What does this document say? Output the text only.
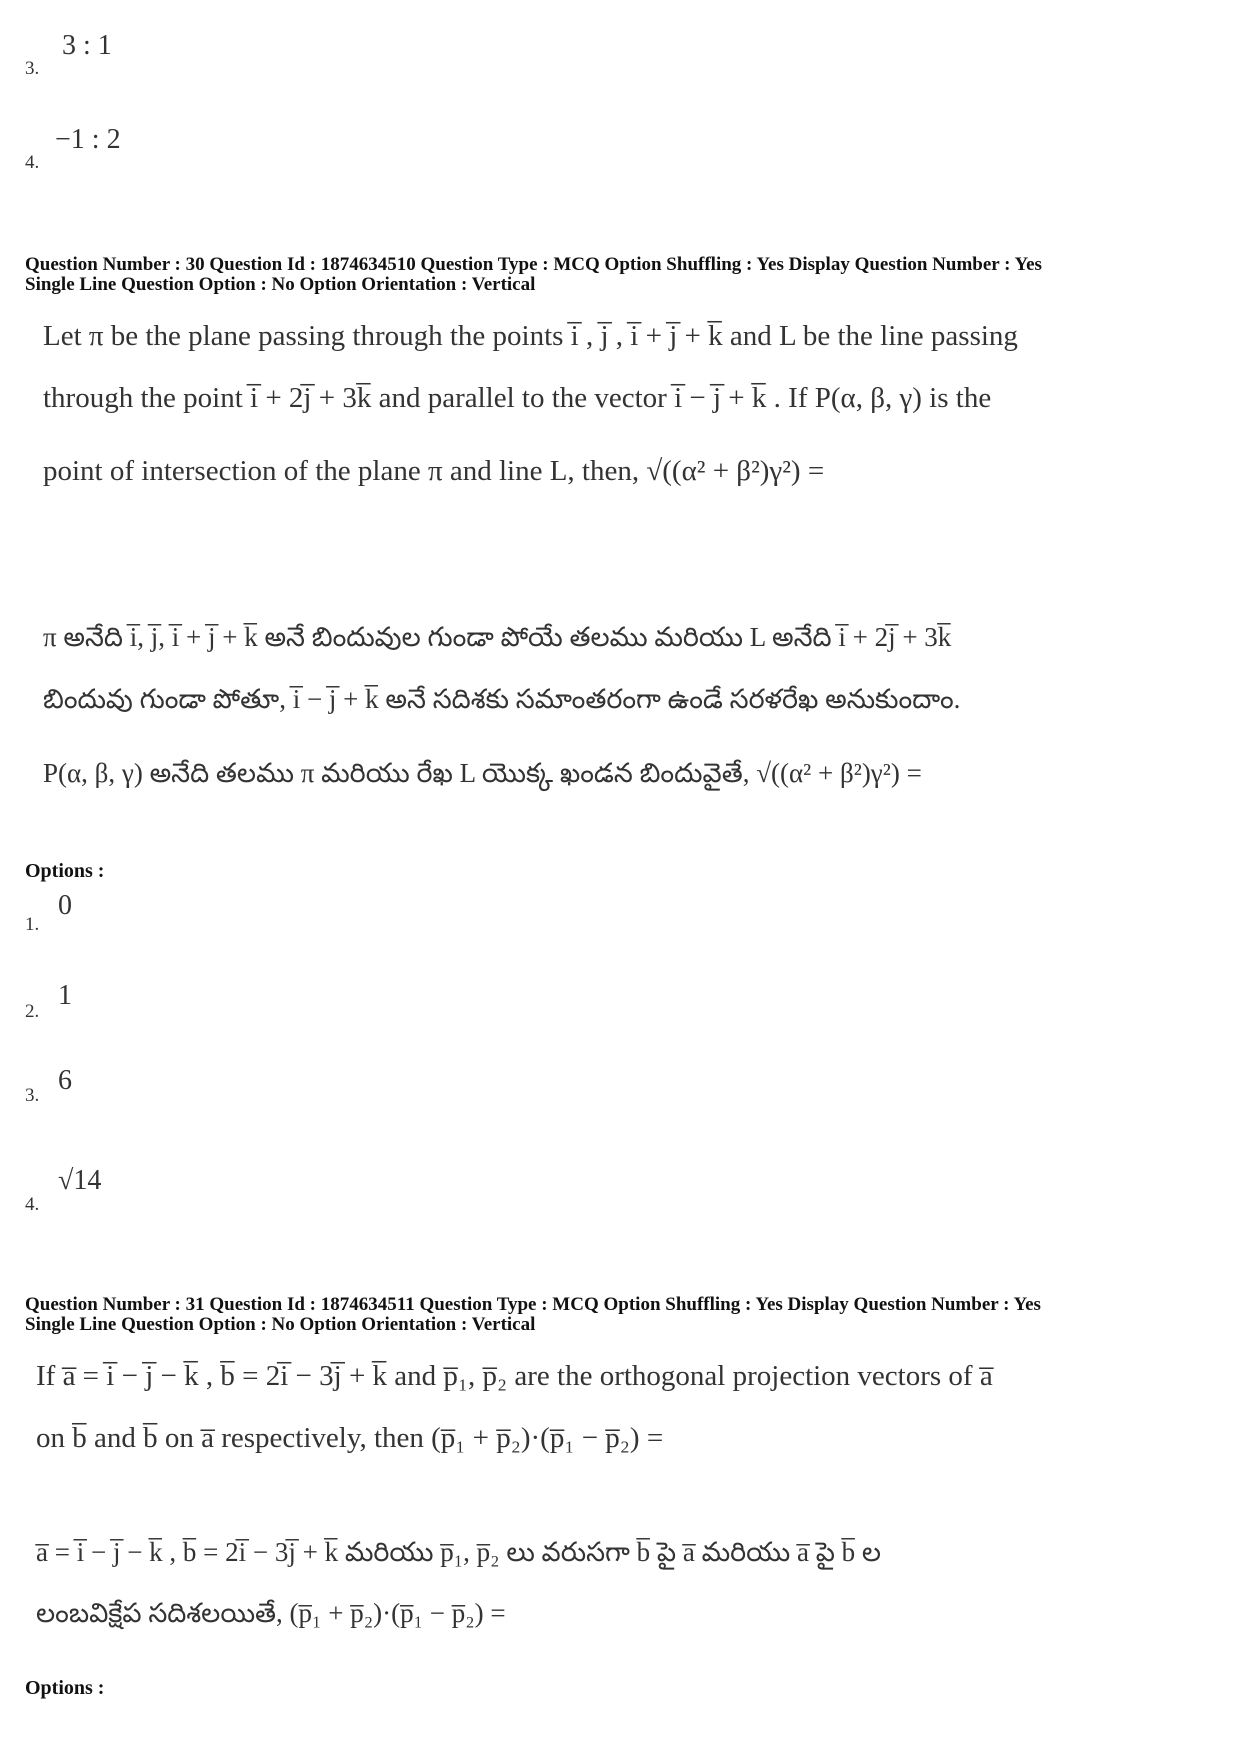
3.
3 : 1
4.
−1 : 2
Question Number : 30 Question Id : 1874634510 Question Type : MCQ Option Shuffling : Yes Display Question Number : Yes
Single Line Question Option : No Option Orientation : Vertical
Let π be the plane passing through the points i̅ , j̅ , i̅ + j̅ + k̅ and L be the line passing
through the point i̅ + 2j̅ + 3k̅ and parallel to the vector i̅ − j̅ + k̅ . If P(α, β, γ) is the
point of intersection of the plane π and line L, then, √((α² + β²)γ²) =
π అనేది i̅, j̅, i̅ + j̅ + k̅ అనే బిందువుల గుండా పోయే తలము మరియు L అనేది i̅ + 2j̅ + 3k̅
బిందువు గుండా పోతూ, i̅ − j̅ + k̅ అనే సదిశకు సమాంతరంగా ఉండే సరళరేఖ అనుకుందాం.
P(α, β, γ) అనేది తలము π మరియు రేఖ L యొక్క ఖండన బిందువైతే, √((α² + β²)γ²) =
Options :
1.
0
2.
1
3. 6
4.
√14
Question Number : 31 Question Id : 1874634511 Question Type : MCQ Option Shuffling : Yes Display Question Number : Yes
Single Line Question Option : No Option Orientation : Vertical
If a̅ = i̅ − j̅ − k̅ , b̅ = 2i̅ − 3j̅ + k̅ and p̅₁, p̅₂ are the orthogonal projection vectors of a̅
on b̅ and b̅ on a̅ respectively, then (p̅₁ + p̅₂)·(p̅₁ − p̅₂) =
a̅ = i̅ − j̅ − k̅ , b̅ = 2i̅ − 3j̅ + k̅ మరియు p̅₁, p̅₂ లు వరుసగా b̅ పై a̅ మరియు a̅ పై b̅ ల
లంబవిక్షేప సదిశలయితే, (p̅₁ + p̅₂)·(p̅₁ − p̅₂) =
Options :
